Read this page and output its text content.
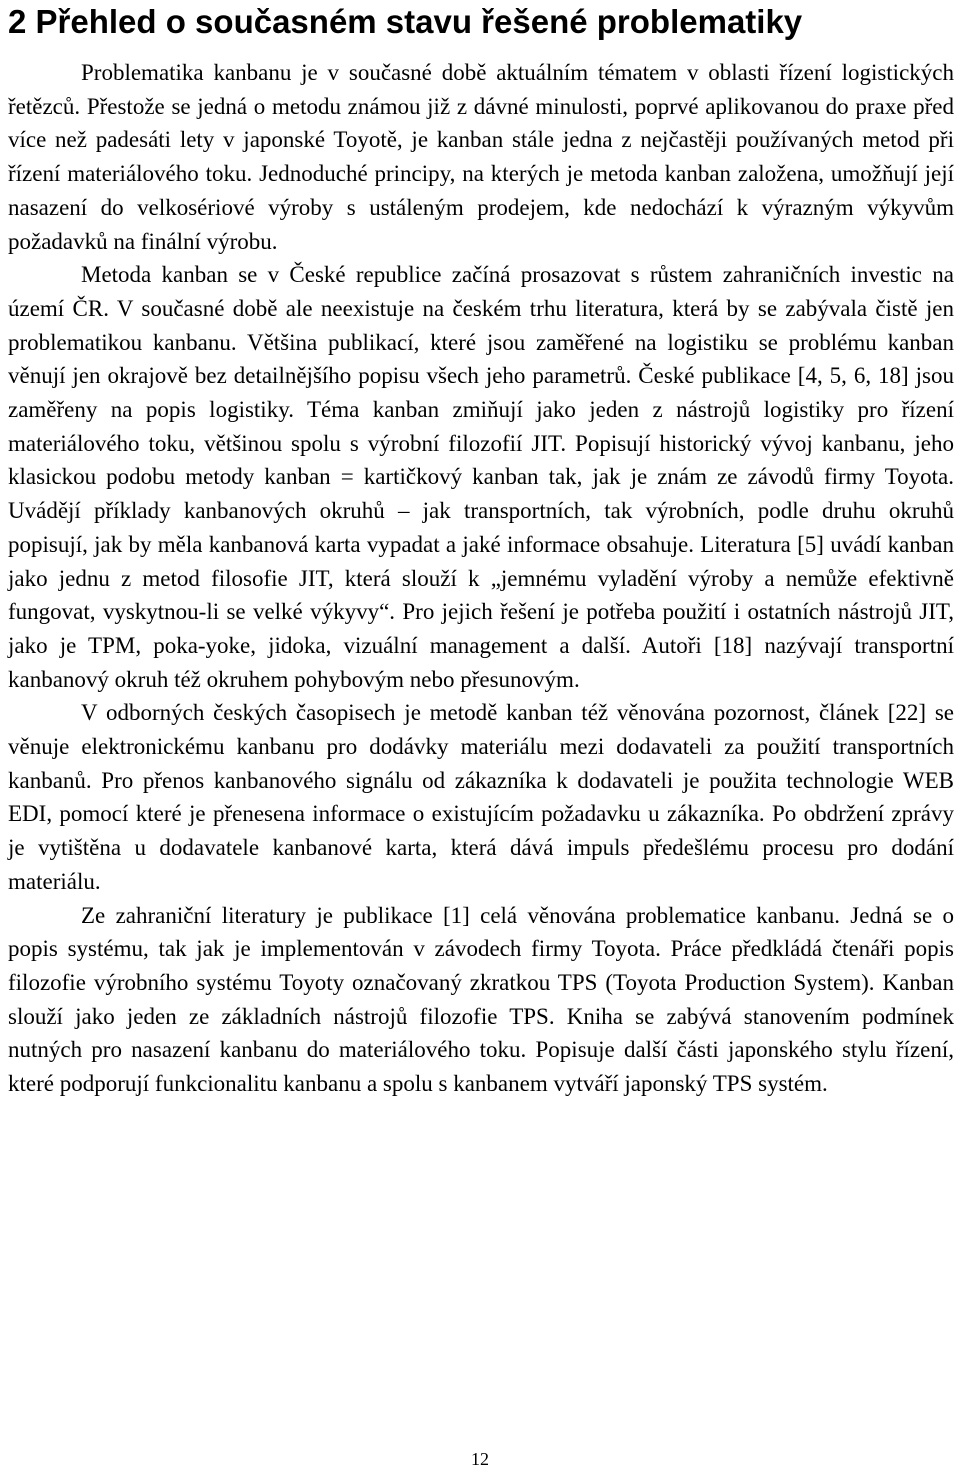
2 Přehled o současném stavu řešené problematiky

Problematika kanbanu je v současné době aktuálním tématem v oblasti řízení logistických řetězců. Přestože se jedná o metodu známou již z dávné minulosti, poprvé aplikovanou do praxe před více než padesáti lety v japonské Toyotě, je kanban stále jedna z nejčastěji používaných metod při řízení materiálového toku. Jednoduché principy, na kterých je metoda kanban založena, umožňují její nasazení do velkosériové výroby s ustáleným prodejem, kde nedochází k výrazným výkyvům požadavků na finální výrobu.

Metoda kanban se v České republice začíná prosazovat s růstem zahraničních investic na území ČR. V současné době ale neexistuje na českém trhu literatura, která by se zabývala čistě jen problematikou kanbanu. Většina publikací, které jsou zaměřené na logistiku se problému kanban věnují jen okrajově bez detailnějšího popisu všech jeho parametrů. České publikace [4, 5, 6, 18] jsou zaměřeny na popis logistiky. Téma kanban zmiňují jako jeden z nástrojů logistiky pro řízení materiálového toku, většinou spolu s výrobní filozofií JIT. Popisují historický vývoj kanbanu, jeho klasickou podobu metody kanban = kartičkový kanban tak, jak je znám ze závodů firmy Toyota. Uvádějí příklady kanbanových okruhů – jak transportních, tak výrobních, podle druhu okruhů popisují, jak by měla kanbanová karta vypadat a jaké informace obsahuje. Literatura [5] uvádí kanban jako jednu z metod filosofie JIT, která slouží k „jemnému vyladění výroby a nemůže efektivně fungovat, vyskytnou-li se velké výkyvy“. Pro jejich řešení je potřeba použití i ostatních nástrojů JIT, jako je TPM, poka-yoke, jidoka, vizuální management a další. Autoři [18] nazývají transportní kanbanový okruh též okruhem pohybovým nebo přesunovým.

V odborných českých časopisech je metodě kanban též věnována pozornost, článek [22] se věnuje elektronickému kanbanu pro dodávky materiálu mezi dodavateli za použití transportních kanbanů. Pro přenos kanbanového signálu od zákazníka k dodavateli je použita technologie WEB EDI, pomocí které je přenesena informace o existujícím požadavku u zákazníka. Po obdržení zprávy je vytištěna u dodavatele kanbanové karta, která dává impuls předešlému procesu pro dodání materiálu.

Ze zahraniční literatury je publikace [1] celá věnována problematice kanbanu. Jedná se o popis systému, tak jak je implementován v závodech firmy Toyota. Práce předkládá čtenáři popis filozofie výrobního systému Toyoty označovaný zkratkou TPS (Toyota Production System). Kanban slouží jako jeden ze základních nástrojů filozofie TPS. Kniha se zabývá stanovením podmínek nutných pro nasazení kanbanu do materiálového toku. Popisuje další části japonského stylu řízení, které podporují funkcionalitu kanbanu a spolu s kanbanem vytváří japonský TPS systém.

12
